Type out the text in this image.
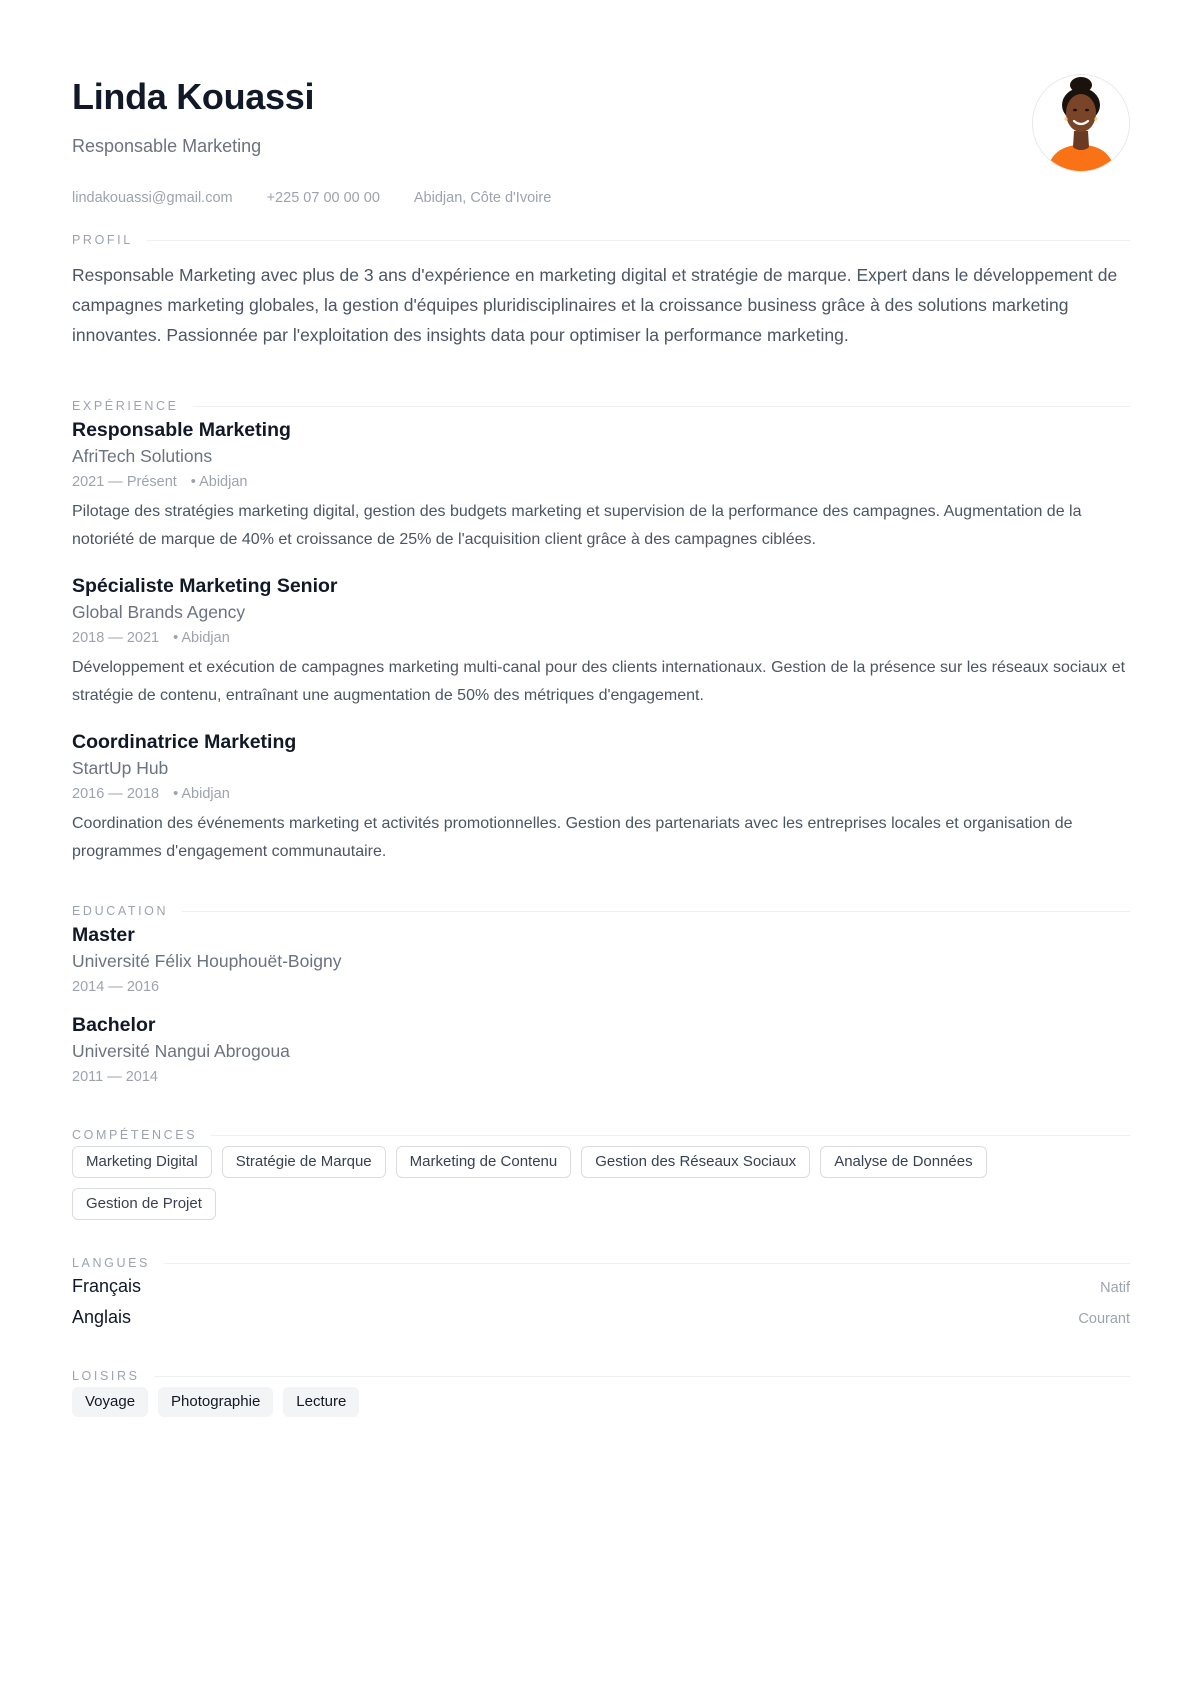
Linda Kouassi
Responsable Marketing
lindakouassi@gmail.com +225 07 00 00 00 Abidjan, Côte d'Ivoire
PROFIL
Responsable Marketing avec plus de 3 ans d'expérience en marketing digital et stratégie de marque. Expert dans le développement de campagnes marketing globales, la gestion d'équipes pluridisciplinaires et la croissance business grâce à des solutions marketing innovantes. Passionnée par l'exploitation des insights data pour optimiser la performance marketing.
EXPÉRIENCE
Responsable Marketing
AfriTech Solutions
2021 — Présent • Abidjan
Pilotage des stratégies marketing digital, gestion des budgets marketing et supervision de la performance des campagnes. Augmentation de la notoriété de marque de 40% et croissance de 25% de l'acquisition client grâce à des campagnes ciblées.
Spécialiste Marketing Senior
Global Brands Agency
2018 — 2021 • Abidjan
Développement et exécution de campagnes marketing multi-canal pour des clients internationaux. Gestion de la présence sur les réseaux sociaux et stratégie de contenu, entraînant une augmentation de 50% des métriques d'engagement.
Coordinatrice Marketing
StartUp Hub
2016 — 2018 • Abidjan
Coordination des événements marketing et activités promotionnelles. Gestion des partenariats avec les entreprises locales et organisation de programmes d'engagement communautaire.
EDUCATION
Master
Université Félix Houphouët-Boigny
2014 — 2016
Bachelor
Université Nangui Abrogoua
2011 — 2014
COMPÉTENCES
Marketing Digital	Stratégie de Marque	Marketing de Contenu	Gestion des Réseaux Sociaux	Analyse de Données
Gestion de Projet
LANGUES
Français	Natif
Anglais	Courant
LOISIRS
Voyage	Photographie	Lecture
